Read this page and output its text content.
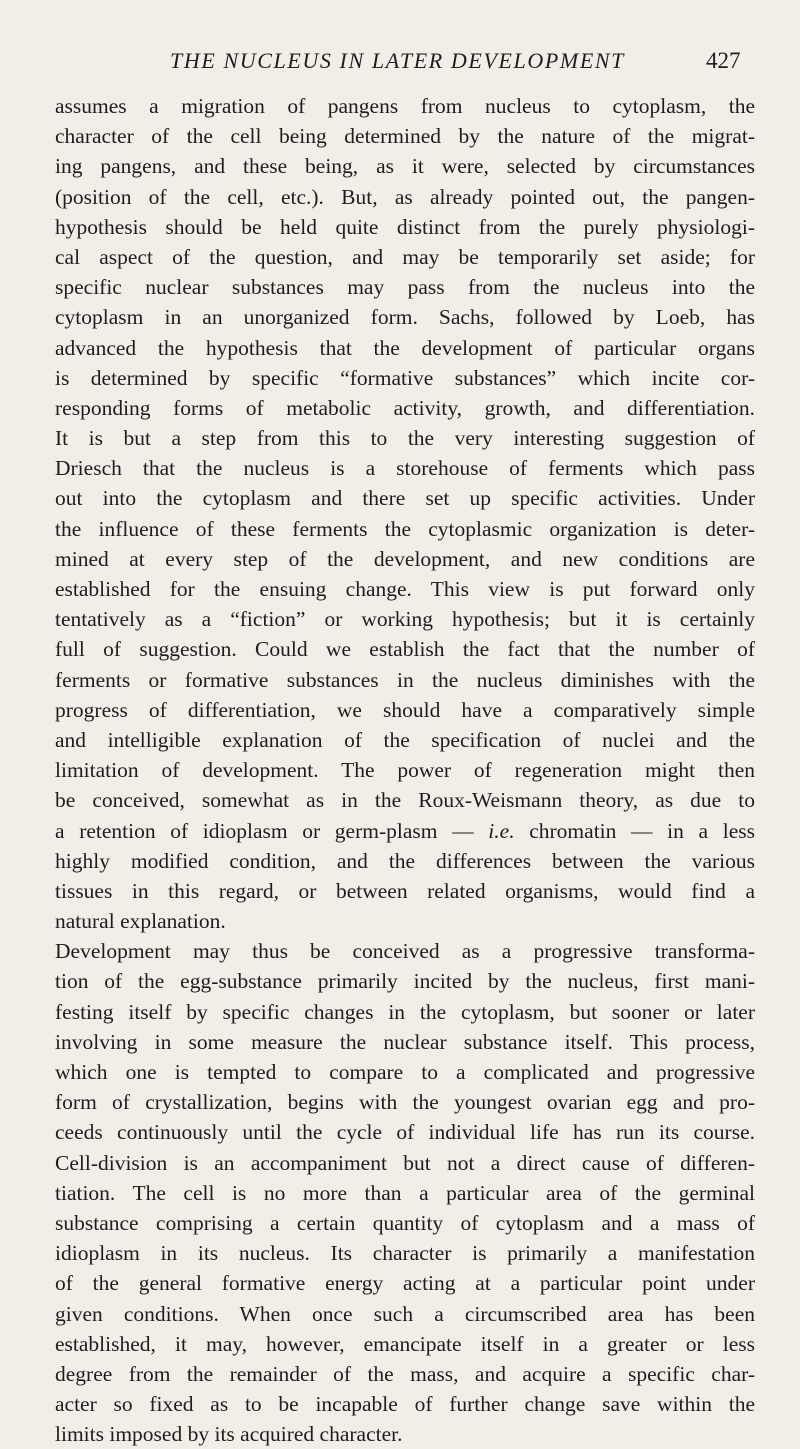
THE NUCLEUS IN LATER DEVELOPMENT	427
assumes a migration of pangens from nucleus to cytoplasm, the
character of the cell being determined by the nature of the migrat-
ing pangens, and these being, as it were, selected by circumstances
(position of the cell, etc.). But, as already pointed out, the pangen-
hypothesis should be held quite distinct from the purely physiologi-
cal aspect of the question, and may be temporarily set aside; for
specific nuclear substances may pass from the nucleus into the
cytoplasm in an unorganized form. Sachs, followed by Loeb, has
advanced the hypothesis that the development of particular organs
is determined by specific “formative substances” which incite cor-
responding forms of metabolic activity, growth, and differentiation.
It is but a step from this to the very interesting suggestion of
Driesch that the nucleus is a storehouse of ferments which pass
out into the cytoplasm and there set up specific activities. Under
the influence of these ferments the cytoplasmic organization is deter-
mined at every step of the development, and new conditions are
established for the ensuing change. This view is put forward only
tentatively as a “fiction” or working hypothesis; but it is certainly
full of suggestion. Could we establish the fact that the number of
ferments or formative substances in the nucleus diminishes with the
progress of differentiation, we should have a comparatively simple
and intelligible explanation of the specification of nuclei and the
limitation of development. The power of regeneration might then
be conceived, somewhat as in the Roux-Weismann theory, as due to
a retention of idioplasm or germ-plasm — i.e. chromatin — in a less
highly modified condition, and the differences between the various
tissues in this regard, or between related organisms, would find a
natural explanation.
Development may thus be conceived as a progressive transforma-
tion of the egg-substance primarily incited by the nucleus, first mani-
festing itself by specific changes in the cytoplasm, but sooner or later
involving in some measure the nuclear substance itself. This process,
which one is tempted to compare to a complicated and progressive
form of crystallization, begins with the youngest ovarian egg and pro-
ceeds continuously until the cycle of individual life has run its course.
Cell-division is an accompaniment but not a direct cause of differen-
tiation. The cell is no more than a particular area of the germinal
substance comprising a certain quantity of cytoplasm and a mass of
idioplasm in its nucleus. Its character is primarily a manifestation
of the general formative energy acting at a particular point under
given conditions. When once such a circumscribed area has been
established, it may, however, emancipate itself in a greater or less
degree from the remainder of the mass, and acquire a specific char-
acter so fixed as to be incapable of further change save within the
limits imposed by its acquired character.
